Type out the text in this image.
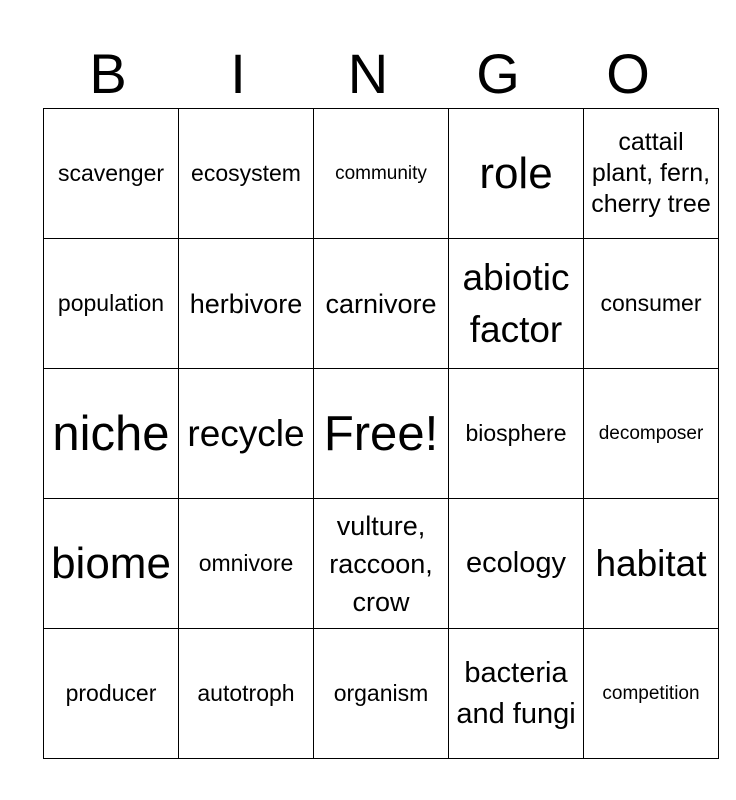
B	I	N	G	O
scavenger	ecosystem	community	role	cattail plant, fern, cherry tree
population	herbivore	carnivore	abiotic factor	consumer
niche	recycle	Free!	biosphere	decomposer
biome	omnivore	vulture, raccoon, crow	ecology	habitat
producer	autotroph	organism	bacteria and fungi	competition
